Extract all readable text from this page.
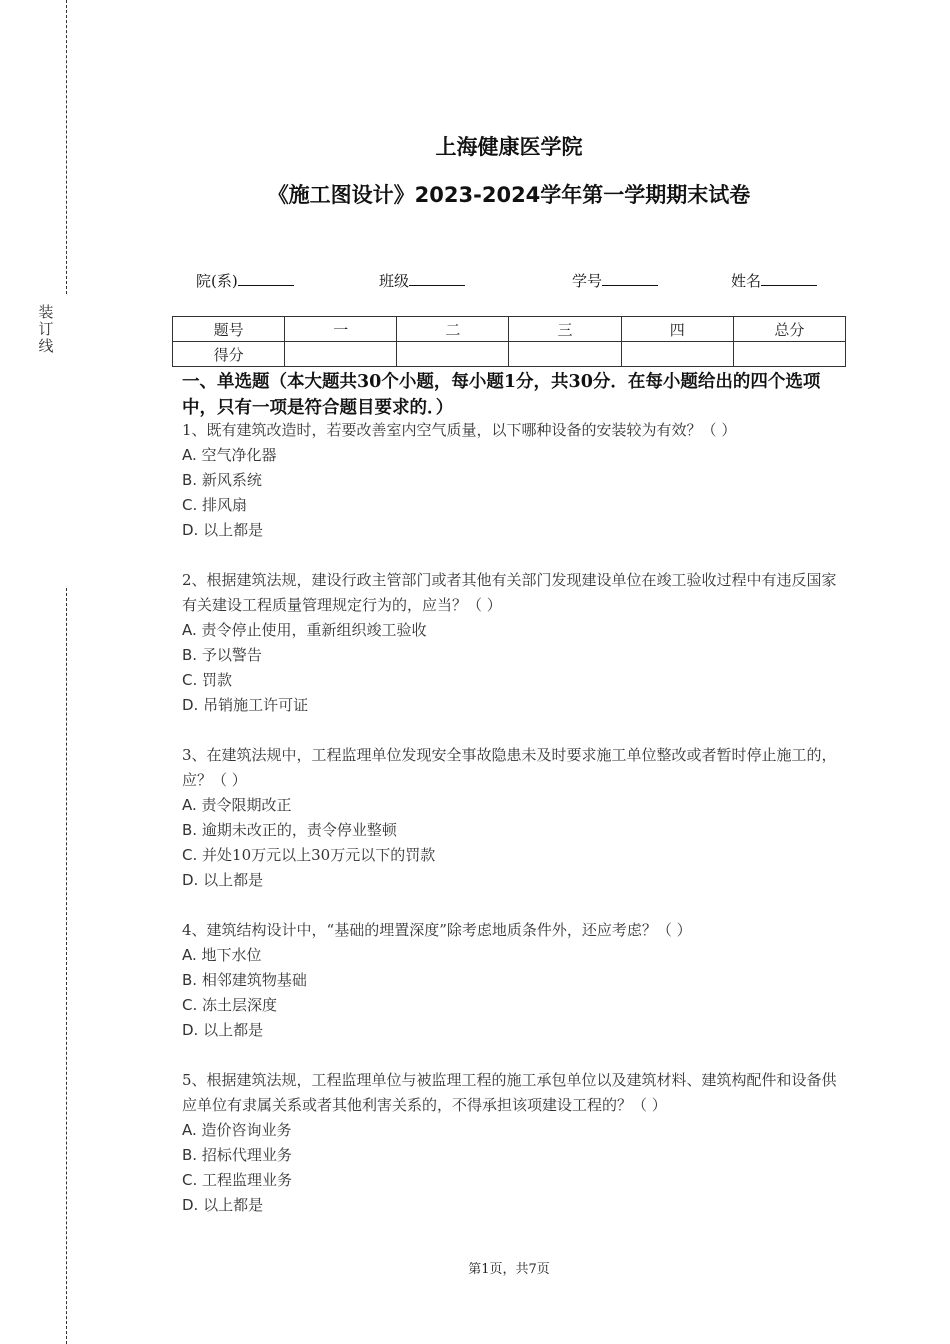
装
订
线
上海健康医学院
《施工图设计》2023-2024学年第一学期期末试卷
院(系)	班级	学号	姓名
题号	一	二	三	四	总分
得分					
一、单选题（本大题共30个小题，每小题1分，共30分．在每小题给出的四个选项中，只有一项是符合题目要求的．）
1、既有建筑改造时，若要改善室内空气质量，以下哪种设备的安装较为有效？（ ）
A. 空气净化器
B. 新风系统
C. 排风扇
D. 以上都是
2、根据建筑法规，建设行政主管部门或者其他有关部门发现建设单位在竣工验收过程中有违反国家有关建设工程质量管理规定行为的，应当？（ ）
A. 责令停止使用，重新组织竣工验收
B. 予以警告
C. 罚款
D. 吊销施工许可证
3、在建筑法规中，工程监理单位发现安全事故隐患未及时要求施工单位整改或者暂时停止施工的，应？（ ）
A. 责令限期改正
B. 逾期未改正的，责令停业整顿
C. 并处10万元以上30万元以下的罚款
D. 以上都是
4、建筑结构设计中，“基础的埋置深度”除考虑地质条件外，还应考虑？（ ）
A. 地下水位
B. 相邻建筑物基础
C. 冻土层深度
D. 以上都是
5、根据建筑法规，工程监理单位与被监理工程的施工承包单位以及建筑材料、建筑构配件和设备供应单位有隶属关系或者其他利害关系的，不得承担该项建设工程的？（ ）
A. 造价咨询业务
B. 招标代理业务
C. 工程监理业务
D. 以上都是
第1页，共7页
